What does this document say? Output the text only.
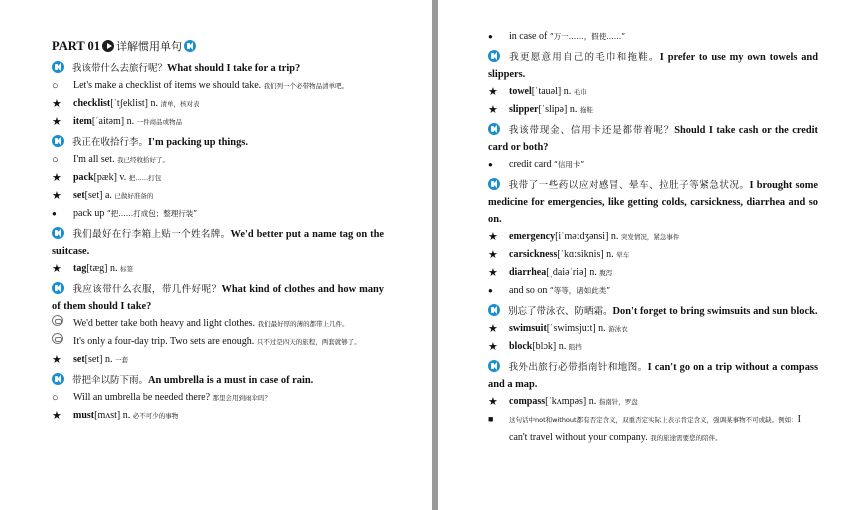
PART 01 详解惯用单句
我该带什么去旅行呢？What should I take for a trip?
○	Let's make a checklist of items we should take. 我们列一个必带物品清单吧。
★	checklist[ˈtʃeklist] n. 清单，核对表
★	item[ˈaitəm] n. 一件商品或物品
我正在收拾行李。I'm packing up things.
○	I'm all set. 我已经收拾好了。
★	pack[pæk] v. 把……打包
★	set[set] a. 已做好准备的
●	pack up “把……打成包；整理行装”
我们最好在行李箱上贴一个姓名牌。We'd better put a name tag on the suitcase.
★	tag[tæg] n. 标签
我应该带什么衣服，带几件好呢？What kind of clothes and how many of them should I take?
We'd better take both heavy and light clothes. 我们最好厚的薄的都带上几件。
It's only a four-day trip. Two sets are enough. 只不过是四天的旅程，两套就够了。
★	set[set] n. 一套
带把伞以防下雨。An umbrella is a must in case of rain.
○	Will an umbrella be needed there? 那里会用到雨伞吗？
★	must[mʌst] n. 必不可少的事物
●	in case of “万一……，假使……”
我更愿意用自己的毛巾和拖鞋。I prefer to use my own towels and slippers.
★	towel[ˈtauəl] n. 毛巾
★	slipper[ˈslipə] n. 拖鞋
我该带现金、信用卡还是都带着呢？Should I take cash or the credit card or both?
●	credit card “信用卡”
我带了一些药以应对感冒、晕车、拉肚子等紧急状况。I brought some medicine for emergencies, like getting colds, carsickness, diarrhea and so on.
★	emergency[iˈmə:dʒənsi] n. 突发情况，紧急事件
★	carsickness[ˈkɑ:siknis] n. 晕车
★	diarrhea[ˌdaiəˈriə] n. 腹泻
●	and so on “等等，诸如此类”
别忘了带泳衣、防晒霜。Don't forget to bring swimsuits and sun block.
★	swimsuit[ˈswimsju:t] n. 游泳衣
★	block[blɔk] n. 阻挡
我外出旅行必带指南针和地图。I can't go on a trip without a compass and a map.
★	compass[ˈkʌmpəs] n. 指南针，罗盘
■	这句话中not和without都有否定含义，双重否定实际上表示肯定含义，强调某事物不可或缺。例如：I can't travel without your company. 我的旅途需要您的陪伴。
